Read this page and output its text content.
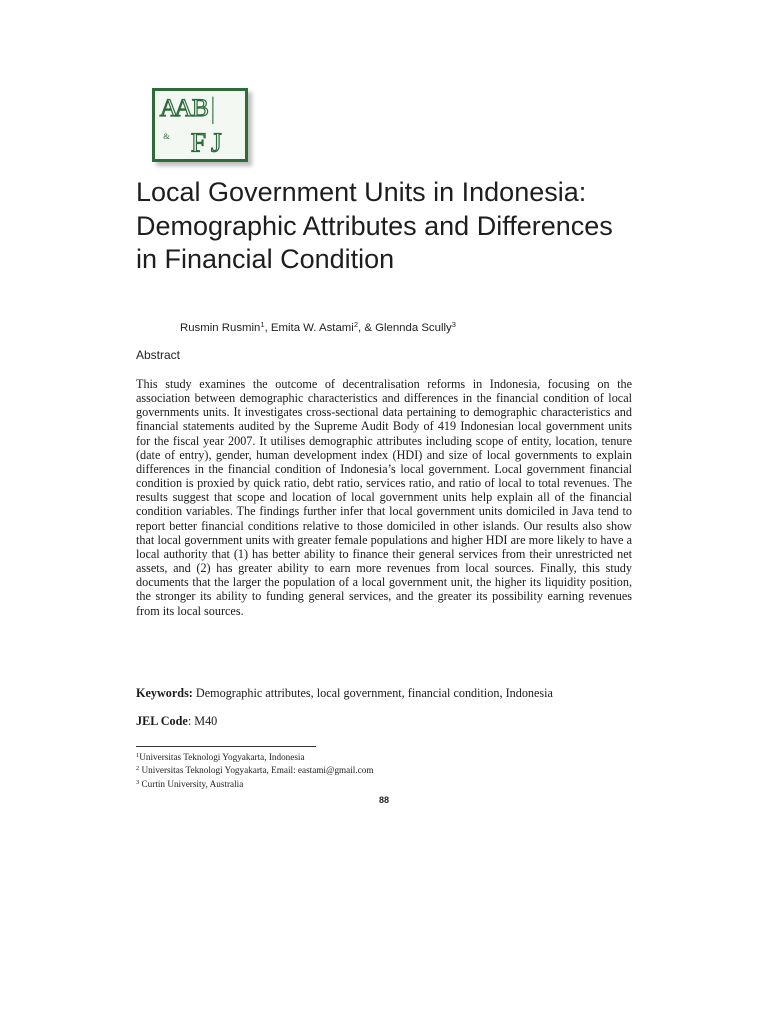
A
A
B
& F J
Local Government Units in Indonesia: Demographic Attributes and Differences in Financial Condition
Rusmin Rusmin$^1$, Emita W. Astami$^2$, & Glennda Scully$^3$
Abstract

This study examines the outcome of decentralisation reforms in Indonesia, focusing on the association between demographic characteristics and differences in the financial condition of local governments units. It investigates cross-sectional data pertaining to demographic characteristics and financial statements audited by the Supreme Audit Body of 419 Indonesian local government units for the fiscal year 2007. It utilises demographic attributes including scope of entity, location, tenure (date of entry), gender, human development index (HDI) and size of local governments to explain differences in the financial condition of Indonesia’s local government. Local government financial condition is proxied by quick ratio, debt ratio, services ratio, and ratio of local to total revenues. The results suggest that scope and location of local government units help explain all of the financial condition variables. The findings further infer that local government units domiciled in Java tend to report better financial conditions relative to those domiciled in other islands. Our results also show that local government units with greater female populations and higher HDI are more likely to have a local authority that (1) has better ability to finance their general services from their unrestricted net assets, and (2) has greater ability to earn more revenues from local sources. Finally, this study documents that the larger the population of a local government unit, the higher its liquidity position, the stronger its ability to funding general services, and the greater its possibility earning revenues from its local sources.

Keywords: Demographic attributes, local government, financial condition, Indonesia
JEL Code: M40
$^1$Universitas Teknologi Yogyakarta, Indonesia
$^2$ Universitas Teknologi Yogyakarta, Email: eastami@gmail.com
$^3$ Curtin University, Australia
88
